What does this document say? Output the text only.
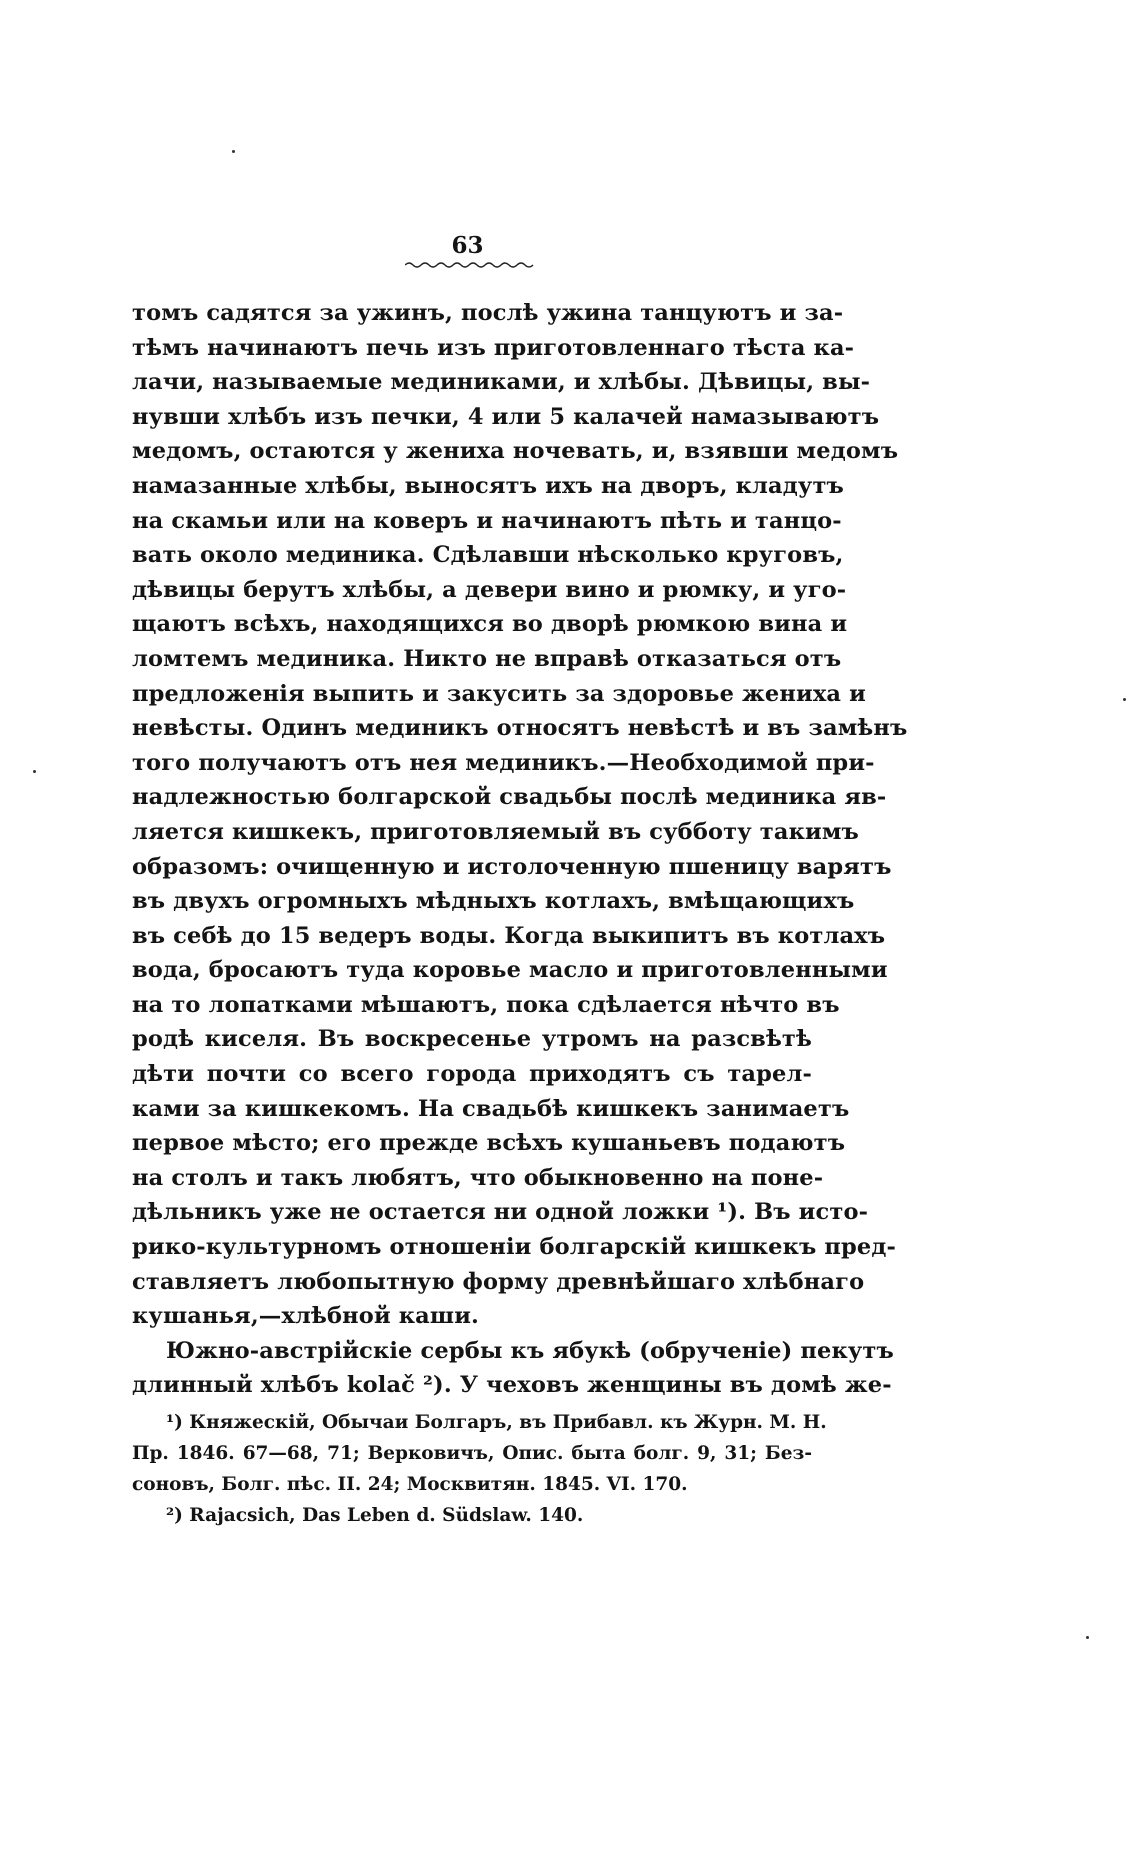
63
томъ садятся за ужинъ, послѣ ужина танцуютъ и за-
тѣмъ начинаютъ печь изъ приготовленнаго тѣста ка-
лачи, называемые мединиками, и хлѣбы. Дѣвицы, вы-
нувши хлѣбъ изъ печки, 4 или 5 калачей намазываютъ
медомъ, остаются у жениха ночевать, и, взявши медомъ
намазанные хлѣбы, выносятъ ихъ на дворъ, кладутъ
на скамьи или на коверъ и начинаютъ пѣть и танцо-
вать около мединика. Сдѣлавши нѣсколько круговъ,
дѣвицы берутъ хлѣбы, а девери вино и рюмку, и уго-
щаютъ всѣхъ, находящихся во дворѣ рюмкою вина и
ломтемъ мединика. Никто не вправѣ отказаться отъ
предложенія выпить и закусить за здоровье жениха и
невѣсты. Одинъ мединикъ относятъ невѣстѣ и въ замѣнъ
того получаютъ отъ нея мединикъ.—Необходимой при-
надлежностью болгарской свадьбы послѣ мединика яв-
ляется кишкекъ, приготовляемый въ субботу такимъ
образомъ: очищенную и истолоченную пшеницу варятъ
въ двухъ огромныхъ мѣдныхъ котлахъ, вмѣщающихъ
въ себѣ до 15 ведеръ воды. Когда выкипитъ въ котлахъ
вода, бросаютъ туда коровье масло и приготовленными
на то лопатками мѣшаютъ, пока сдѣлается нѣчто въ
родѣ киселя. Въ воскресенье утромъ на разсвѣтѣ
дѣти почти со всего города приходятъ съ тарел-
ками за кишкекомъ. На свадьбѣ кишкекъ занимаетъ
первое мѣсто; его прежде всѣхъ кушаньевъ подаютъ
на столъ и такъ любятъ, что обыкновенно на поне-
дѣльникъ уже не остается ни одной ложки ¹). Въ исто-
рико-культурномъ отношеніи болгарскій кишкекъ пред-
ставляетъ любопытную форму древнѣйшаго хлѣбнаго
кушанья,—хлѣбной каши.
Южно-австрійскіе сербы къ ябукѣ (обрученіе) пекутъ
длинный хлѣбъ kolač ²). У чеховъ женщины въ домѣ же-
¹) Княжескій, Обычаи Болгаръ, въ Прибавл. къ Журн. М. Н.
Пр. 1846. 67—68, 71; Верковичъ, Опис. быта болг. 9, 31; Без-
соновъ, Болг. пѣс. II. 24; Москвитян. 1845. VI. 170.
²) Rajacsich, Das Leben d. Südslaw. 140.
